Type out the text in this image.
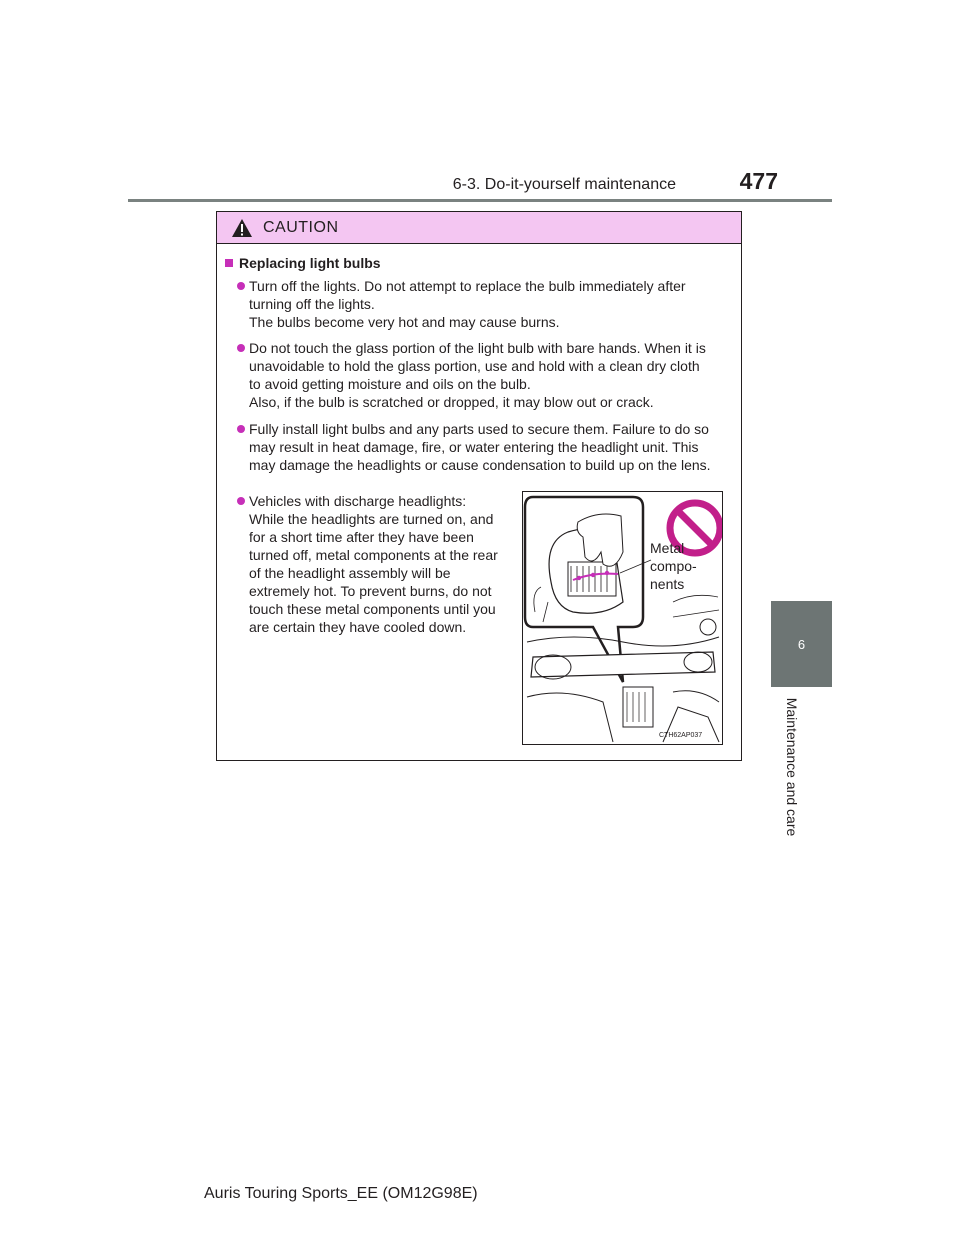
6-3. Do-it-yourself maintenance	477
6
Maintenance and care
CAUTION
Replacing light bulbs
Turn off the lights. Do not attempt to replace the bulb immediately after
turning off the lights.
The bulbs become very hot and may cause burns.
Do not touch the glass portion of the light bulb with bare hands. When it is
unavoidable to hold the glass portion, use and hold with a clean dry cloth
to avoid getting moisture and oils on the bulb.
Also, if the bulb is scratched or dropped, it may blow out or crack.
Fully install light bulbs and any parts used to secure them. Failure to do so
may result in heat damage, fire, or water entering the headlight unit. This
may damage the headlights or cause condensation to build up on the lens.
Vehicles with discharge headlights:
While the headlights are turned on, and
for a short time after they have been
turned off, metal components at the rear
of the headlight assembly will be
extremely hot. To prevent burns, do not
touch these metal components until you
are certain they have cooled down.
Metal
compo-
nents
CTH62AP037
Auris Touring Sports_EE (OM12G98E)
